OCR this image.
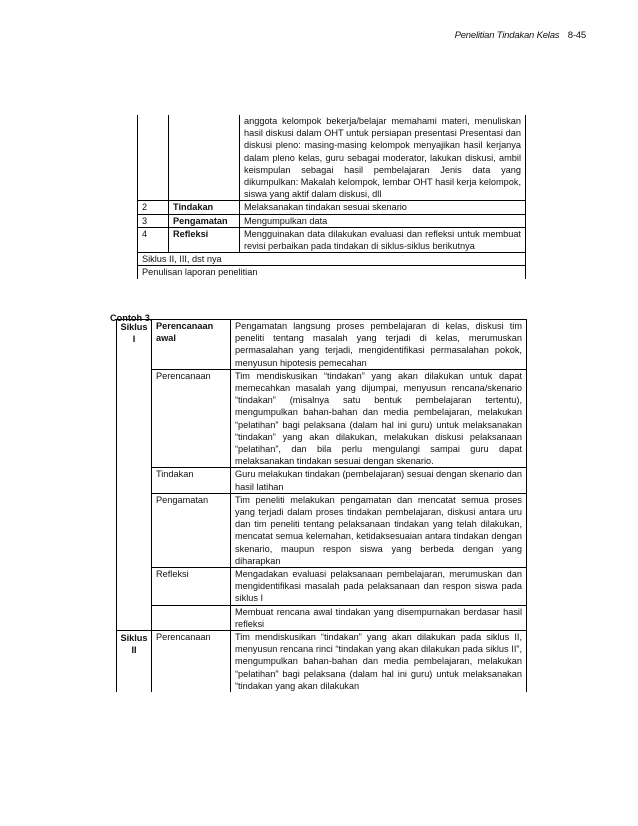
Penelitian Tindakan Kelas 8-45
		anggota kelompok bekerja/belajar memahami materi, menuliskan hasil diskusi dalam OHT untuk persiapan presentasi Presentasi dan diskusi pleno: masing-masing kelompok menyajikan hasil kerjanya dalam pleno kelas, guru sebagai moderator, lakukan diskusi, ambil keismpulan sebagai hasil pembelajaran Jenis data yang dikumpulkan: Makalah kelompok, lembar OHT hasil kerja kelompok, siswa yang aktif dalam diskusi, dll
2	Tindakan	Melaksanakan tindakan sesuai skenario
3	Pengamatan	Mengumpulkan data
4	Refleksi	Mengguinakan data dilakukan evaluasi dan refleksi untuk membuat revisi perbaikan pada tindakan di siklus-siklus berikutnya
Siklus II, III, dst nya		
Penulisan laporan penelitian		
Contoh 3.
Siklus I	Perencanaan awal	Pengamatan langsung proses pembelajaran di kelas, diskusi tim peneliti tentang masalah yang terjadi di kelas, merumuskan permasalahan yang terjadi, mengidentifikasi permasalahan pokok, menyusun hipotesis pemecahan
	Perencanaan	Tim mendiskusikan “tindakan” yang akan dilakukan untuk dapat memecahkan masalah yang dijumpai, menyusun rencana/skenario “tindakan” (misalnya satu bentuk pembelajaran tertentu), mengumpulkan bahan-bahan dan media pembelajaran, melakukan “pelatihan” bagi pelaksana (dalam hal ini guru) untuk melaksanakan “tindakan” yang akan dilakukan, melakukan diskusi pelaksanaan “pelatihan”, dan bila perlu mengulangi sampai guru dapat melaksanakan tindakan sesuai dengan skenario.
	Tindakan	Guru melakukan tindakan (pembelajaran) sesuai dengan skenario dan hasil latihan
	Pengamatan	Tim peneliti melakukan pengamatan dan mencatat semua proses yang terjadi dalam proses tindakan pembelajaran, diskusi antara uru dan tim peneliti tentang pelaksanaan tindakan yang telah dilakukan, mencatat semua kelemahan, ketidaksesuaian antara tindakan dengan skenario, maupun respon siswa yang berbeda dengan yang diharapkan
	Refleksi	Mengadakan evaluasi pelaksanaan pembelajaran, merumuskan dan mengidentifikasi masalah pada pelaksanaan dan respon siswa pada siklus I
		Membuat rencana awal tindakan yang disempurnakan berdasar hasil refleksi
Siklus II	Perencanaan	Tim mendiskusikan “tindakan” yang akan dilakukan pada siklus II, menyusun rencana rinci “tindakan yang akan dilakukan pada siklus II”, mengumpulkan bahan-bahan dan media pembelajaran, melakukan “pelatihan” bagi pelaksana (dalam hal ini guru) untuk melaksanakan “tindakan yang akan dilakukan
